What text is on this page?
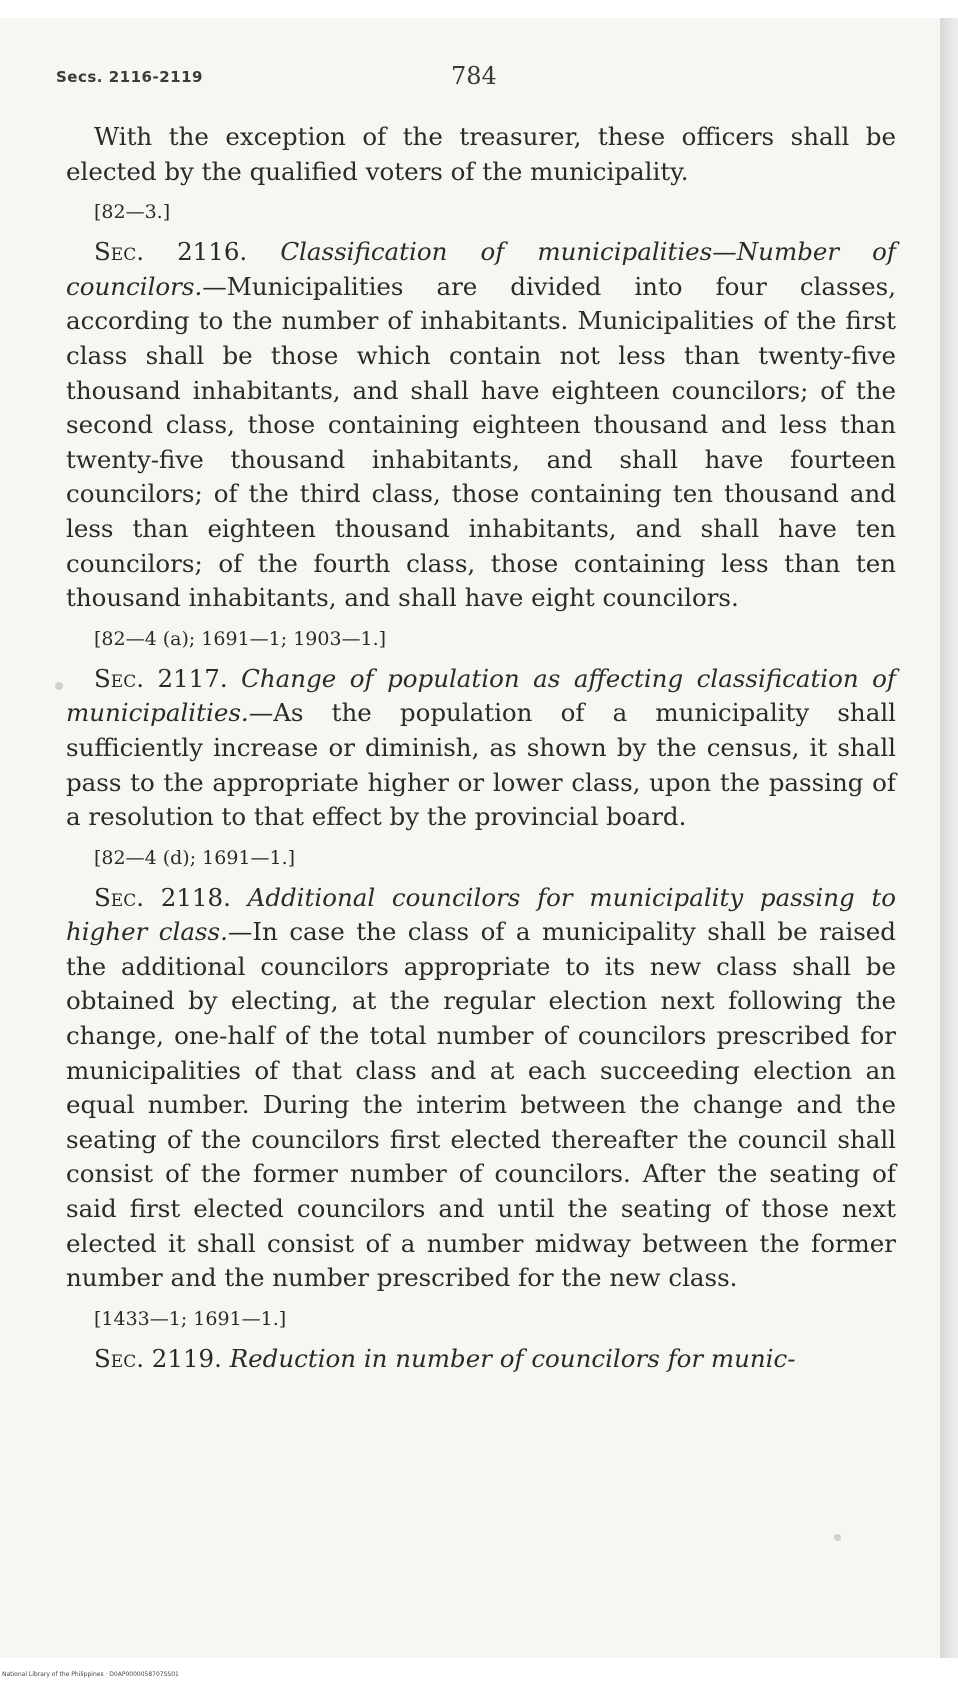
Secs. 2116-2119	784

With the exception of the treasurer, these officers shall be elected by the qualified voters of the municipality.

[82—3.]

Sec. 2116. Classification of municipalities—Number of councilors.—Municipalities are divided into four classes, according to the number of inhabitants. Municipalities of the first class shall be those which contain not less than twenty-five thousand inhabitants, and shall have eighteen councilors; of the second class, those containing eighteen thousand and less than twenty-five thousand inhabitants, and shall have fourteen councilors; of the third class, those containing ten thousand and less than eighteen thousand inhabitants, and shall have ten councilors; of the fourth class, those containing less than ten thousand inhabitants, and shall have eight councilors.

[82—4 (a); 1691—1; 1903—1.]

Sec. 2117. Change of population as affecting classification of municipalities.—As the population of a municipality shall sufficiently increase or diminish, as shown by the census, it shall pass to the appropriate higher or lower class, upon the passing of a resolution to that effect by the provincial board.

[82—4 (d); 1691—1.]

Sec. 2118. Additional councilors for municipality passing to higher class.—In case the class of a municipality shall be raised the additional councilors appropriate to its new class shall be obtained by electing, at the regular election next following the change, one-half of the total number of councilors prescribed for municipalities of that class and at each succeeding election an equal number. During the interim between the change and the seating of the councilors first elected thereafter the council shall consist of the former number of councilors. After the seating of said first elected councilors and until the seating of those next elected it shall consist of a number midway between the former number and the number prescribed for the new class.

[1433—1; 1691—1.]

Sec. 2119. Reduction in number of councilors for munic-

National Library of the Philippines · D0AP0000058707SS01
